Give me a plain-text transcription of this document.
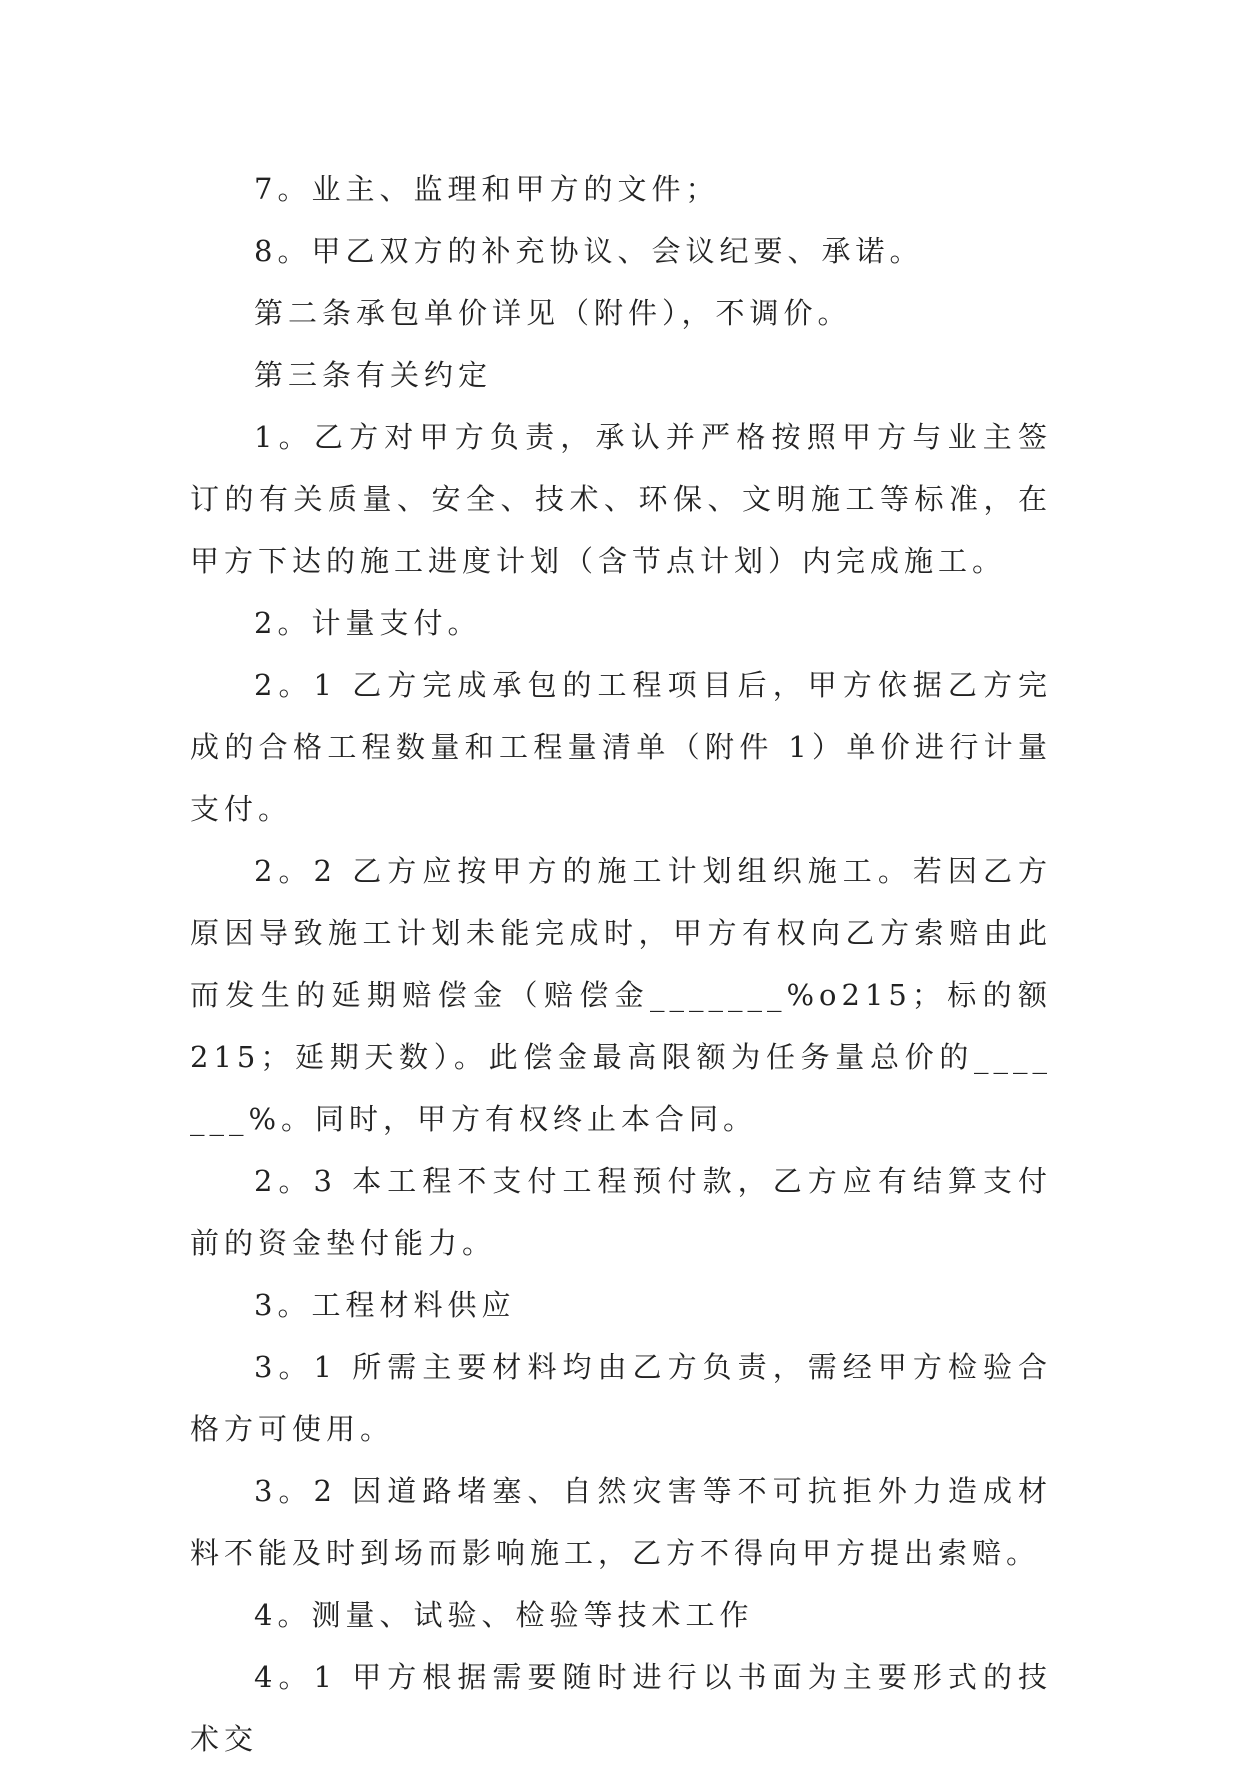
7。业主、监理和甲方的文件；

8。甲乙双方的补充协议、会议纪要、承诺。

第二条承包单价详见（附件），不调价。

第三条有关约定

1。乙方对甲方负责，承认并严格按照甲方与业主签订的有关质量、安全、技术、环保、文明施工等标准，在甲方下达的施工进度计划（含节点计划）内完成施工。

2。计量支付。

2。1 乙方完成承包的工程项目后，甲方依据乙方完成的合格工程数量和工程量清单（附件 1）单价进行计量支付。

2。2 乙方应按甲方的施工计划组织施工。若因乙方原因导致施工计划未能完成时，甲方有权向乙方索赔由此而发生的延期赔偿金（赔偿金_______%o215；标的额 215；延期天数）。此偿金最高限额为任务量总价的_______%。同时，甲方有权终止本合同。

2。3 本工程不支付工程预付款，乙方应有结算支付前的资金垫付能力。

3。工程材料供应

3。1 所需主要材料均由乙方负责，需经甲方检验合格方可使用。

3。2 因道路堵塞、自然灾害等不可抗拒外力造成材料不能及时到场而影响施工，乙方不得向甲方提出索赔。

4。测量、试验、检验等技术工作

4。1 甲方根据需要随时进行以书面为主要形式的技术交
